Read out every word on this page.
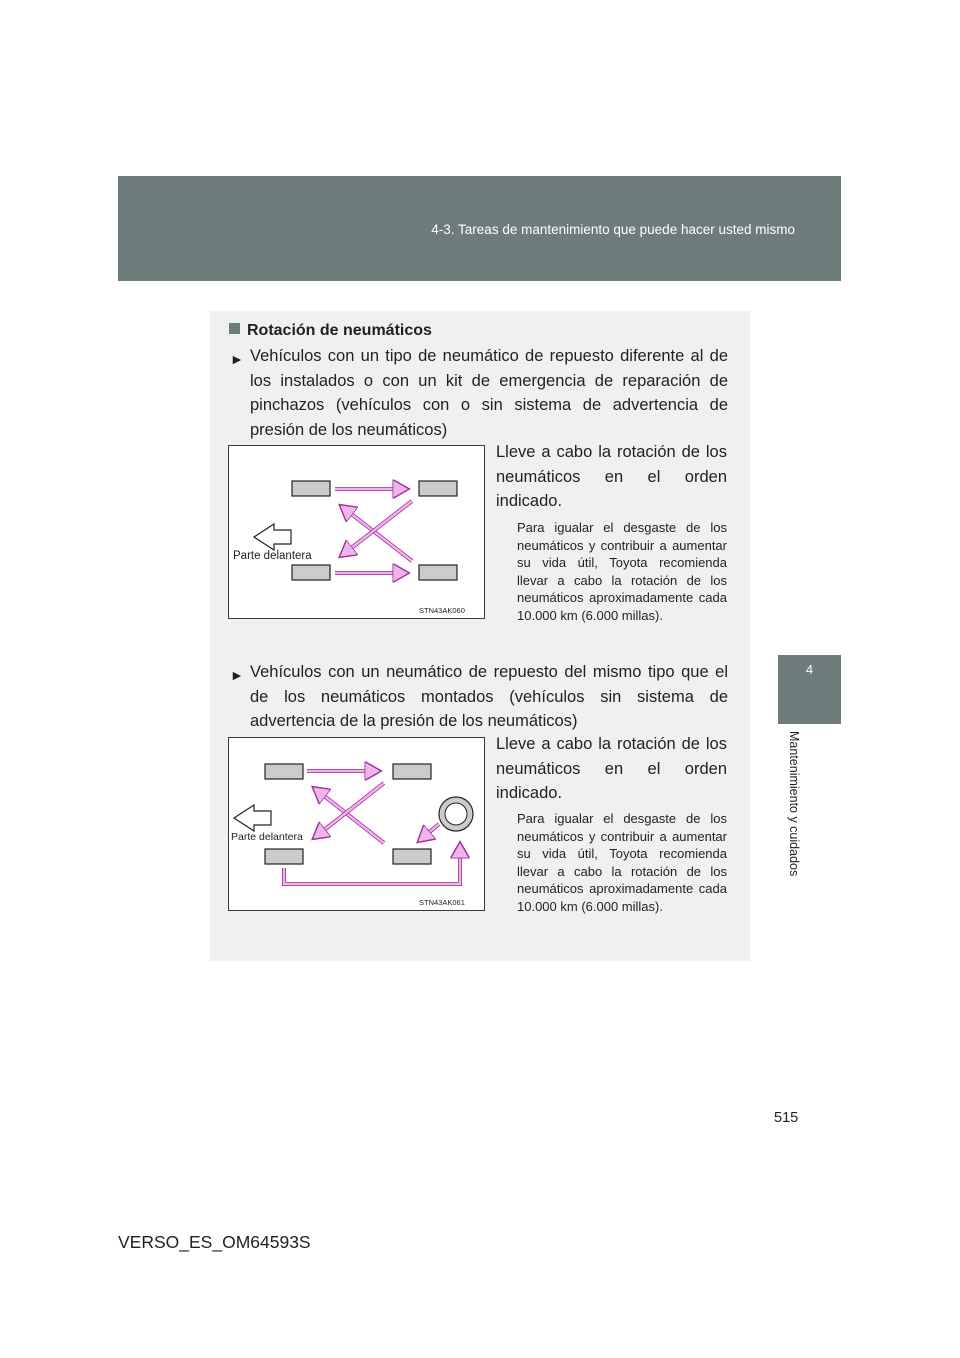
4-3. Tareas de mantenimiento que puede hacer usted mismo
4
Mantenimiento y cuidados
Rotación de neumáticos
► Vehículos con un tipo de neumático de repuesto diferente al de los instalados o con un kit de emergencia de reparación de pinchazos (vehículos con o sin sistema de advertencia de presión de los neumáticos)
Parte delantera
STN43AK060
Lleve a cabo la rotación de los neumáticos en el orden indicado.
Para igualar el desgaste de los neumáticos y contribuir a aumentar su vida útil, Toyota recomienda llevar a cabo la rotación de los neumáticos aproximadamente cada 10.000 km (6.000 millas).
► Vehículos con un neumático de repuesto del mismo tipo que el de los neumáticos montados (vehículos sin sistema de advertencia de la presión de los neumáticos)
Parte delantera
STN43AK061
Lleve a cabo la rotación de los neumáticos en el orden indicado.
Para igualar el desgaste de los neumáticos y contribuir a aumentar su vida útil, Toyota recomienda llevar a cabo la rotación de los neumáticos aproximadamente cada 10.000 km (6.000 millas).
515
VERSO_ES_OM64593S
